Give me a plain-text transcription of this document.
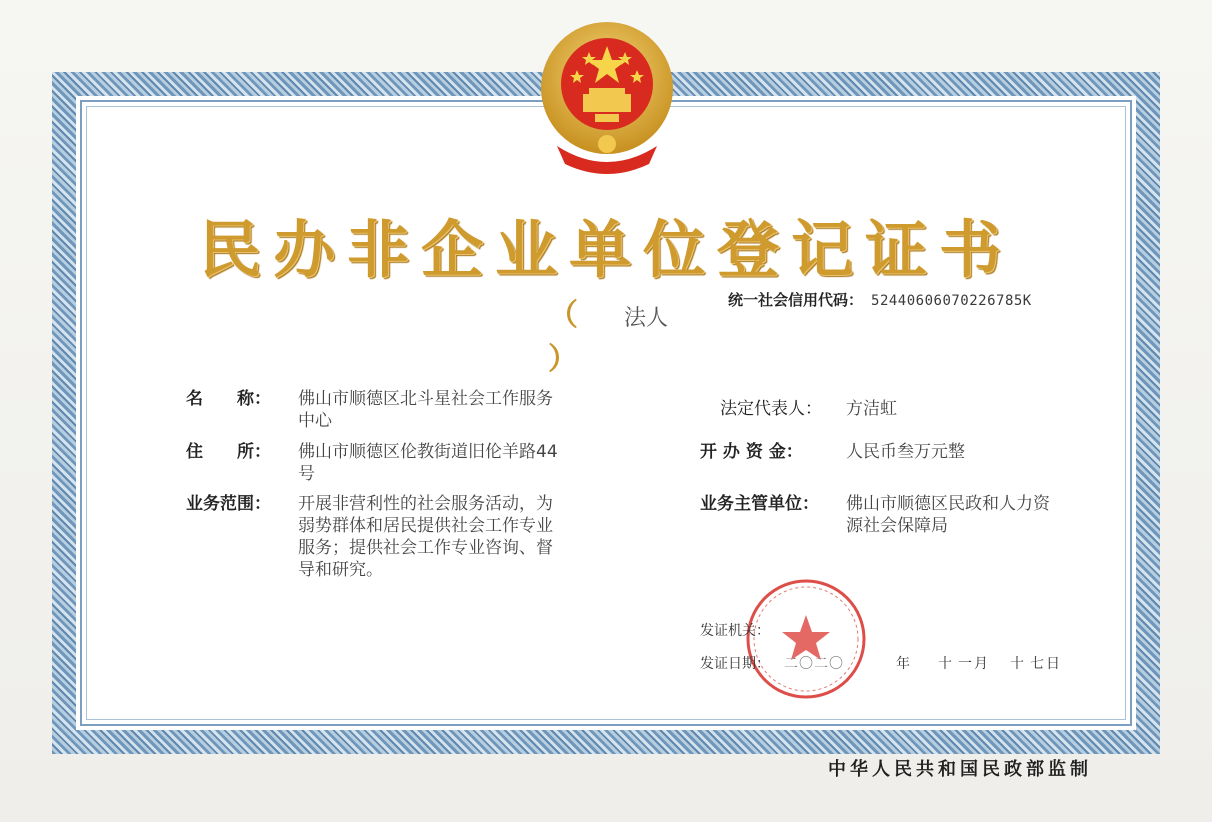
民办非企业单位登记证书
（ 法人）
统一社会信用代码： 52440606070226785K
名　　称： 佛山市顺德区北斗星社会工作服务
中心
住　　所： 佛山市顺德区伦教街道旧伦羊路44
号
业务范围： 开展非营利性的社会服务活动，为
弱势群体和居民提供社会工作专业
服务；提供社会工作专业咨询、督
导和研究。
法定代表人： 方洁虹
开 办 资 金：	人民币叁万元整
业务主管单位： 佛山市顺德区民政和人力资
源社会保障局
发证机关：
发证日期： 二〇二〇	年 十一
月 十七
日
中华人民共和国民政部监制
